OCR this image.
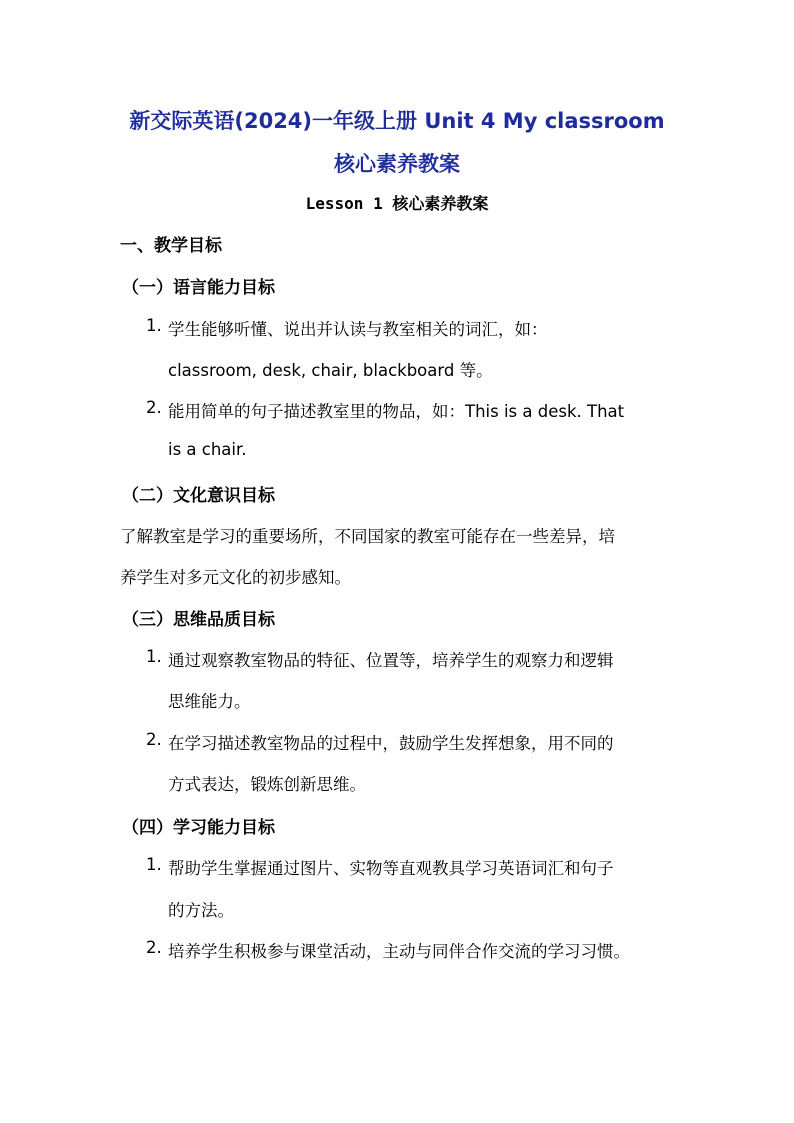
新交际英语(2024)一年级上册 Unit 4 My classroom
核心素养教案
Lesson 1 核心素养教案
一、教学目标
（一）语言能力目标
1. 学生能够听懂、说出并认读与教室相关的词汇，如：
classroom, desk, chair, blackboard 等。
2. 能用简单的句子描述教室里的物品，如：This is a desk. That
is a chair.
（二）文化意识目标
了解教室是学习的重要场所，不同国家的教室可能存在一些差异，培
养学生对多元文化的初步感知。
（三）思维品质目标
1. 通过观察教室物品的特征、位置等，培养学生的观察力和逻辑
思维能力。
2. 在学习描述教室物品的过程中，鼓励学生发挥想象，用不同的
方式表达，锻炼创新思维。
（四）学习能力目标
1. 帮助学生掌握通过图片、实物等直观教具学习英语词汇和句子
的方法。
2. 培养学生积极参与课堂活动，主动与同伴合作交流的学习习惯。
